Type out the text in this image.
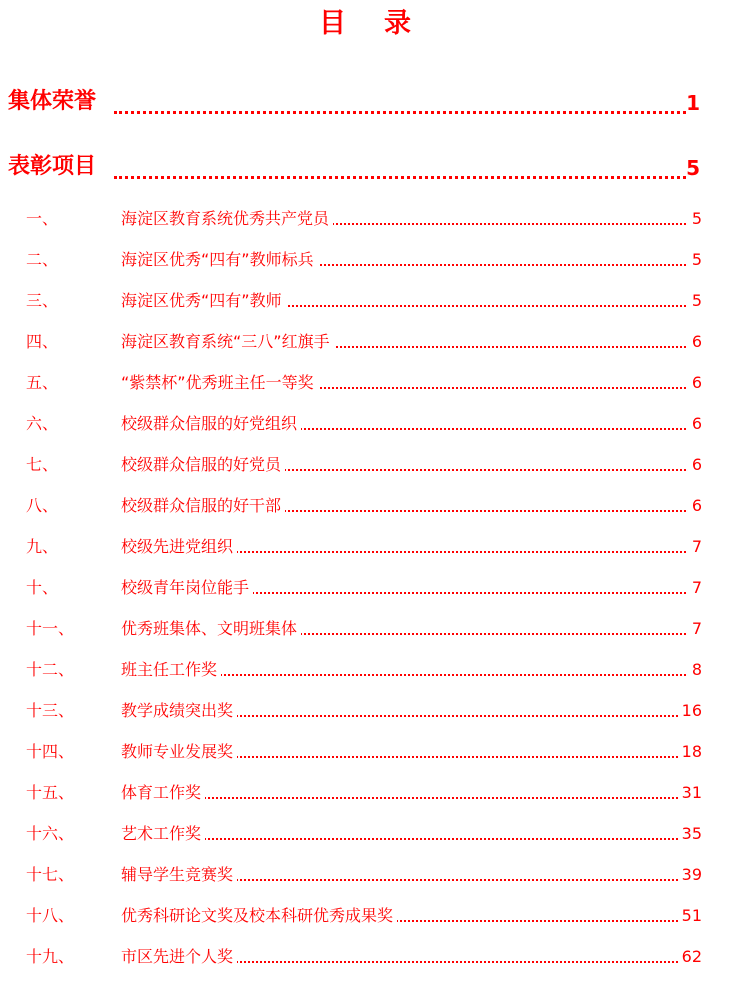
目录
集体荣誉	1
表彰项目	5
一、	海淀区教育系统优秀共产党员	5
二、	海淀区优秀“四有”教师标兵	5
三、	海淀区优秀“四有”教师	5
四、	海淀区教育系统“三八”红旗手	6
五、	“紫禁杯”优秀班主任一等奖	6
六、	校级群众信服的好党组织	6
七、	校级群众信服的好党员	6
八、	校级群众信服的好干部	6
九、	校级先进党组织	7
十、	校级青年岗位能手	7
十一、	优秀班集体、文明班集体	7
十二、	班主任工作奖	8
十三、	教学成绩突出奖	16
十四、	教师专业发展奖	18
十五、	体育工作奖	31
十六、	艺术工作奖	35
十七、	辅导学生竞赛奖	39
十八、	优秀科研论文奖及校本科研优秀成果奖	51
十九、	市区先进个人奖	62
